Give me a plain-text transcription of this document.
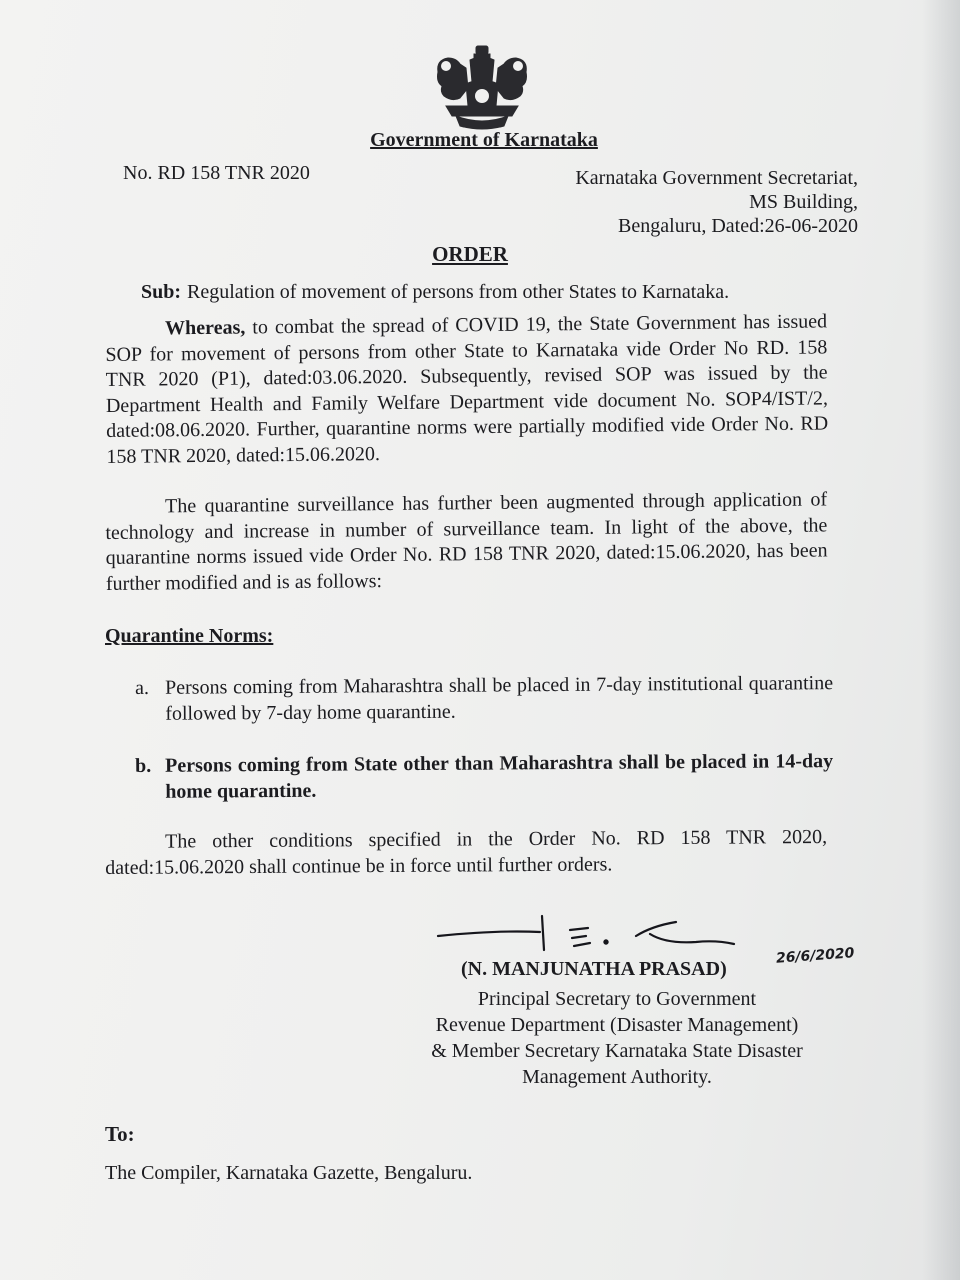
Government of Karnataka
No. RD 158 TNR 2020	Karnataka Government Secretariat,
MS Building,
Bengaluru, Dated:26-06-2020
ORDER
Sub: Regulation of movement of persons from other States to Karnataka.
Whereas, to combat the spread of COVID 19, the State Government has issued SOP for movement of persons from other State to Karnataka vide Order No RD. 158 TNR 2020 (P1), dated:03.06.2020. Subsequently, revised SOP was issued by the Department Health and Family Welfare Department vide document No. SOP4/IST/2, dated:08.06.2020. Further, quarantine norms were partially modified vide Order No. RD 158 TNR 2020, dated:15.06.2020.
The quarantine surveillance has further been augmented through application of technology and increase in number of surveillance team. In light of the above, the quarantine norms issued vide Order No. RD 158 TNR 2020, dated:15.06.2020, has been further modified and is as follows:
Quarantine Norms:
a. Persons coming from Maharashtra shall be placed in 7-day institutional quarantine followed by 7-day home quarantine.
b. Persons coming from State other than Maharashtra shall be placed in 14-day home quarantine.
The other conditions specified in the Order No. RD 158 TNR 2020, dated:15.06.2020 shall continue be in force until further orders.
26/6/2020
(N. MANJUNATHA PRASAD)
Principal Secretary to Government
Revenue Department (Disaster Management)
& Member Secretary Karnataka State Disaster
Management Authority.
To:
The Compiler, Karnataka Gazette, Bengaluru.
